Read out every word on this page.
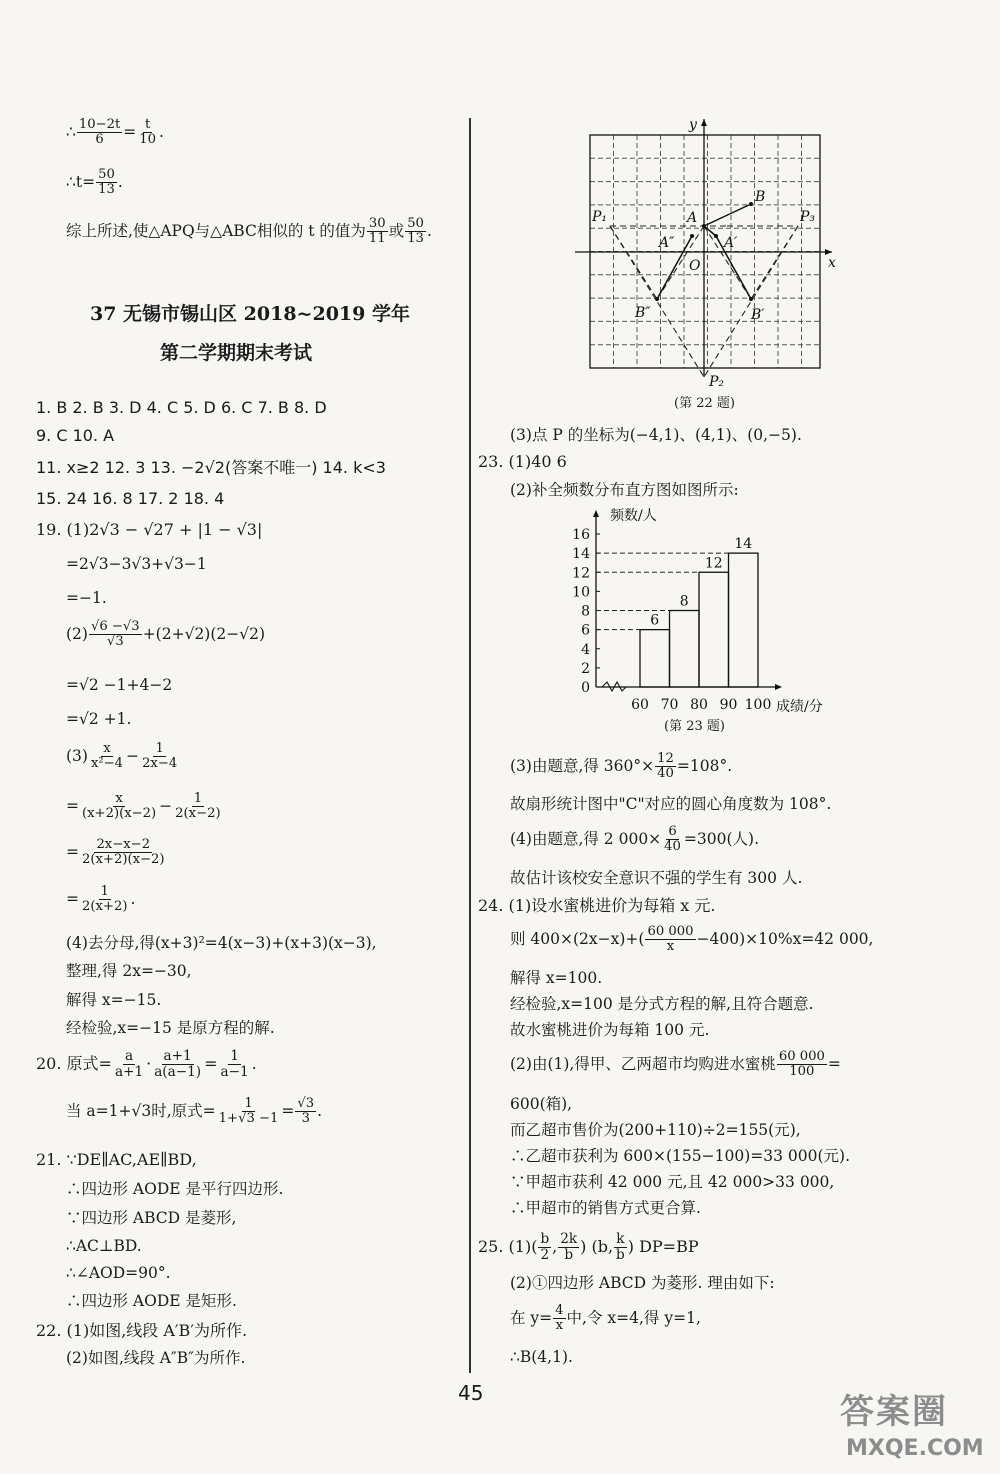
∴ $\frac{10-2t}{6} = \frac{t}{10}$ .
∴t= $\frac{50}{13}$ .
综上所述,使△APQ与△ABC相似的 t 的值为 $\frac{30}{11}$ 或 $\frac{50}{13}$ .
37 无锡市锡山区 2018~2019 学年
第二学期期末考试
1. B 2. B 3. D 4. C 5. D 6. C 7. B 8. D
9. C 10. A
11. x≥2 12. 3 13. −2√2(答案不唯一) 14. k<3
15. 24 16. 8 17. 2 18. 4
19. (1)2√3 − √27 + |1 − √3|
=2√3−3√3+√3−1
=−1.
$(2) \frac{√6 -√3}{√3} +(2+√2)(2-√2)$
=√2 −1+4−2
=√2 +1.
$(3) \frac{x}{\text{x²−4}} - \frac{1}{2x-4}$
= $\frac{x}{(x+2)(x-2)} - \frac{1}{2(x-2)}$
= $\frac{2x-x-2}{2(x+2)(x-2)}$
= $\frac{1}{2(x+2)}$ .
(4)去分母,得(x+3)²=4(x−3)+(x+3)(x−3),
整理,得 2x=−30,
解得 x=−15.
经检验,x=−15 是原方程的解.
20. 原式= $\frac{a}{a+1} \cdot \frac{a+1}{a(a-1)} = \frac{1}{a-1}$ .
当 a=1+√3时,原式= $\frac{1}{1+√3 -1} = \frac{√3}{3}$ .
21. ∵DE∥AC,AE∥BD,
∴四边形 AODE 是平行四边形.
∵四边形 ABCD 是菱形,
∴AC⊥BD.
∴∠AOD=90°.
∴四边形 AODE 是矩形.
22. (1)如图,线段 A′B′为所作.
(2)如图,线段 A″B″为所作.
y
x
O
A
B
A′
B′
A″
B″
P₁
P₂
P₃
(第 22 题)
(3)点 P 的坐标为(−4,1)、(4,1)、(0,−5).
23. (1)40 6
(2)补全频数分布直方图如图所示:
0
2
4
6
8
10
12
14
16
6
8
12
14
60 70 80 90 100
频数/人
成绩/分
(第 23 题)
(3)由题意,得 $360^\circ\times \frac{12}{40} =108^\circ$.
故扇形统计图中"C"对应的圆心角度数为 108°.
(4)由题意,得 2 $000\times \frac{6}{40} =300$(人).
故估计该校安全意识不强的学生有 300 人.
24. (1)设水蜜桃进价为每箱 x 元.
则 $400\times(2x-x)+( \frac{60 000}{x} -400)\times 10\%x=42$ 000,
解得 x=100.
经检验,x=100 是分式方程的解,且符合题意.
故水蜜桃进价为每箱 100 元.
(2)由(1),得甲、乙两超市均购进水蜜桃 $\frac{60 000}{100}$ =
600(箱),
而乙超市售价为(200+110)÷2=155(元),
∴乙超市获利为 600×(155−100)=33 000(元).
∵甲超市获利 42 000 元,且 42 000>33 000,
∴甲超市的销售方式更合算.
25. $(1)( \frac{b}{2}$ , $\frac{2k}{b}$ ) (b, $\frac{k}{b}$ ) DP=BP
(2)①四边形 ABCD 为菱形. 理由如下:
在 $y= \frac{4}{x}$ 中,令 x=4,得 y=1,
∴B(4,1).
45	答案圈
MXQE.COM
